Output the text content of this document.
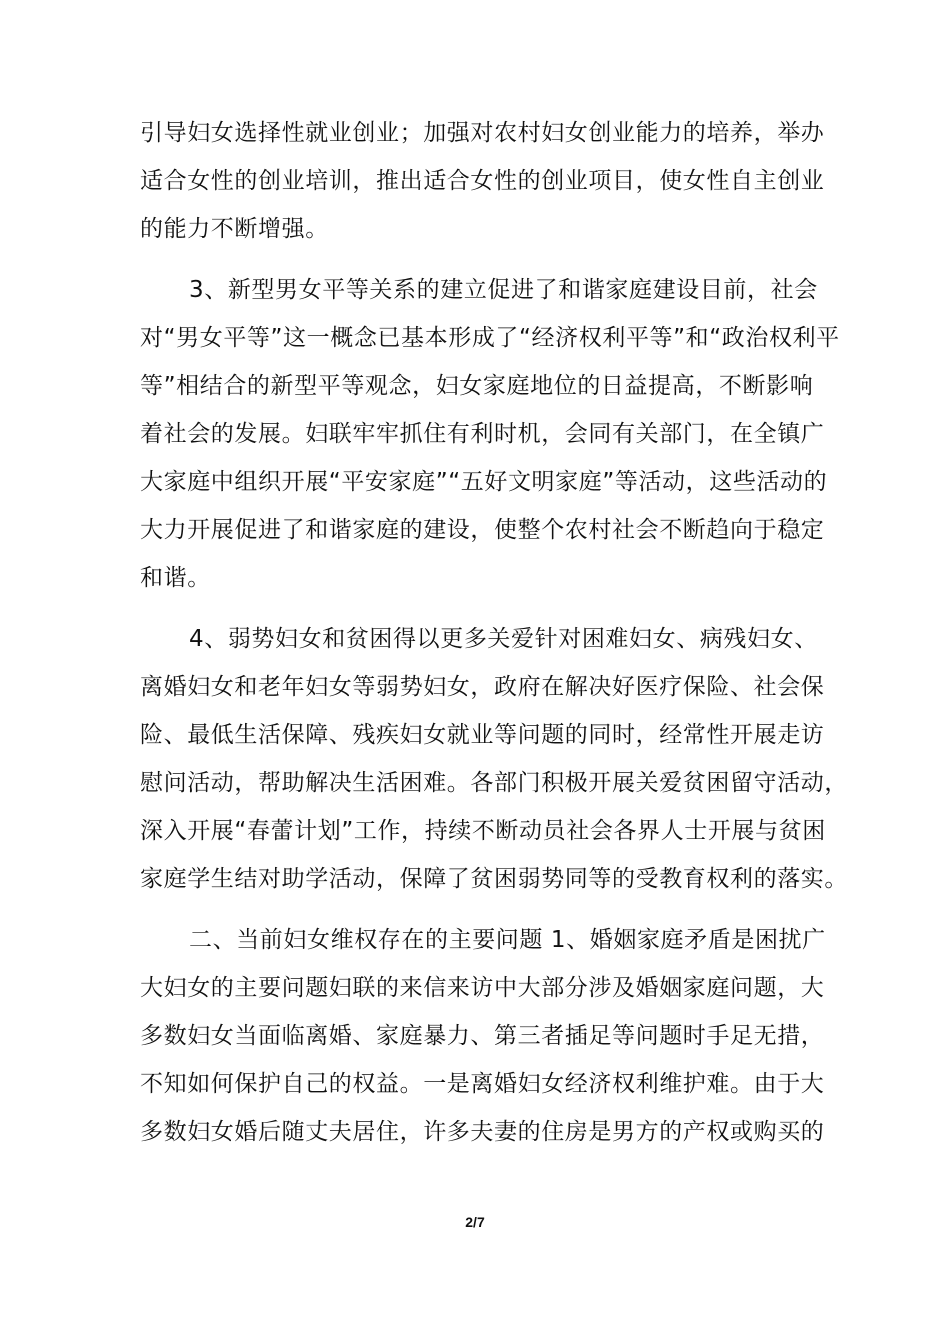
引导妇女选择性就业创业；加强对农村妇女创业能力的培养，举办
适合女性的创业培训，推出适合女性的创业项目，使女性自主创业
的能力不断增强。
3、新型男女平等关系的建立促进了和谐家庭建设目前，社会
对“男女平等”这一概念已基本形成了“经济权利平等”和“政治权利平
等”相结合的新型平等观念，妇女家庭地位的日益提高，不断影响
着社会的发展。妇联牢牢抓住有利时机，会同有关部门，在全镇广
大家庭中组织开展“平安家庭”“五好文明家庭”等活动，这些活动的
大力开展促进了和谐家庭的建设，使整个农村社会不断趋向于稳定
和谐。
4、弱势妇女和贫困得以更多关爱针对困难妇女、病残妇女、
离婚妇女和老年妇女等弱势妇女，政府在解决好医疗保险、社会保
险、最低生活保障、残疾妇女就业等问题的同时，经常性开展走访
慰问活动，帮助解决生活困难。各部门积极开展关爱贫困留守活动，
深入开展“春蕾计划”工作，持续不断动员社会各界人士开展与贫困
家庭学生结对助学活动，保障了贫困弱势同等的受教育权利的落实。
二、当前妇女维权存在的主要问题 1、婚姻家庭矛盾是困扰广
大妇女的主要问题妇联的来信来访中大部分涉及婚姻家庭问题，大
多数妇女当面临离婚、家庭暴力、第三者插足等问题时手足无措，
不知如何保护自己的权益。一是离婚妇女经济权利维护难。由于大
多数妇女婚后随丈夫居住，许多夫妻的住房是男方的产权或购买的
2/7
